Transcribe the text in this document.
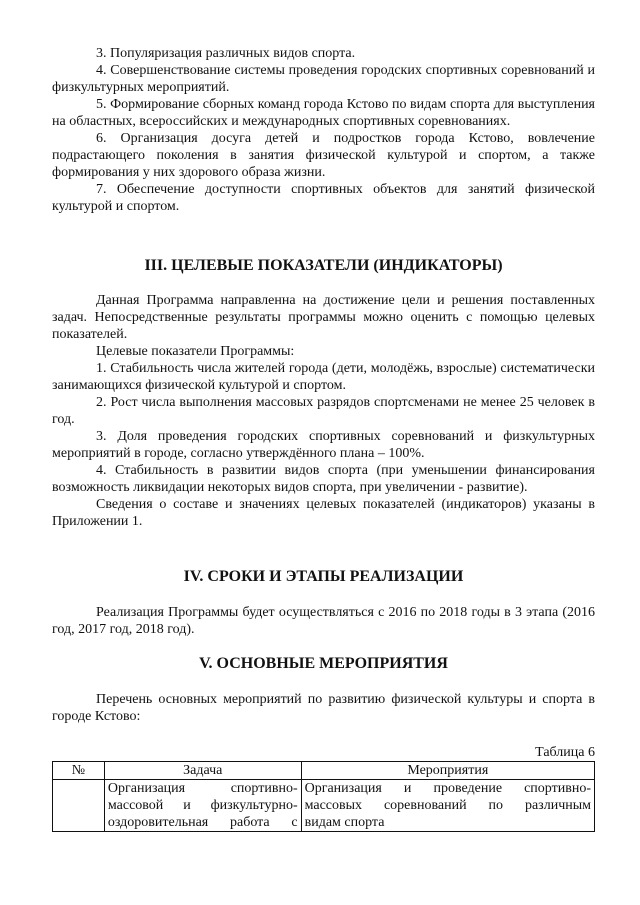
3. Популяризация различных видов спорта.

4. Совершенствование системы проведения городских спортивных соревнований и физкультурных мероприятий.

5. Формирование сборных команд города Кстово по видам спорта для выступления на областных, всероссийских и международных спортивных соревнованиях.

6. Организация досуга детей и подростков города Кстово, вовлечение подрастающего поколения в занятия физической культурой и спортом, а также формирования у них здорового образа жизни.

7. Обеспечение доступности спортивных объектов для занятий физической культурой и спортом.

III. ЦЕЛЕВЫЕ ПОКАЗАТЕЛИ (ИНДИКАТОРЫ)

Данная Программа направленна на достижение цели и решения поставленных задач. Непосредственные результаты программы можно оценить с помощью целевых показателей.

Целевые показатели Программы:

1. Стабильность числа жителей города (дети, молодёжь, взрослые) систематически занимающихся физической культурой и спортом.

2. Рост числа выполнения массовых разрядов спортсменами не менее 25 человек в год.

3. Доля проведения городских спортивных соревнований и физкультурных мероприятий в городе, согласно утверждённого плана – 100%.

4. Стабильность в развитии видов спорта (при уменьшении финансирования возможность ликвидации некоторых видов спорта, при увеличении - развитие).

Сведения о составе и значениях целевых показателей (индикаторов) указаны в Приложении 1.

IV. СРОКИ И ЭТАПЫ РЕАЛИЗАЦИИ

Реализация Программы будет осуществляться с 2016 по 2018 годы в 3 этапа (2016 год, 2017 год, 2018 год).

V. ОСНОВНЫЕ МЕРОПРИЯТИЯ

Перечень основных мероприятий по развитию физической культуры и спорта в городе Кстово:

Таблица 6
№	Задача	Мероприятия

	Организация спортивно-
массовой и физкультурно-
оздоровительная работа с	Организация и проведение спортивно-
массовых соревнований по различным
видам спорта
